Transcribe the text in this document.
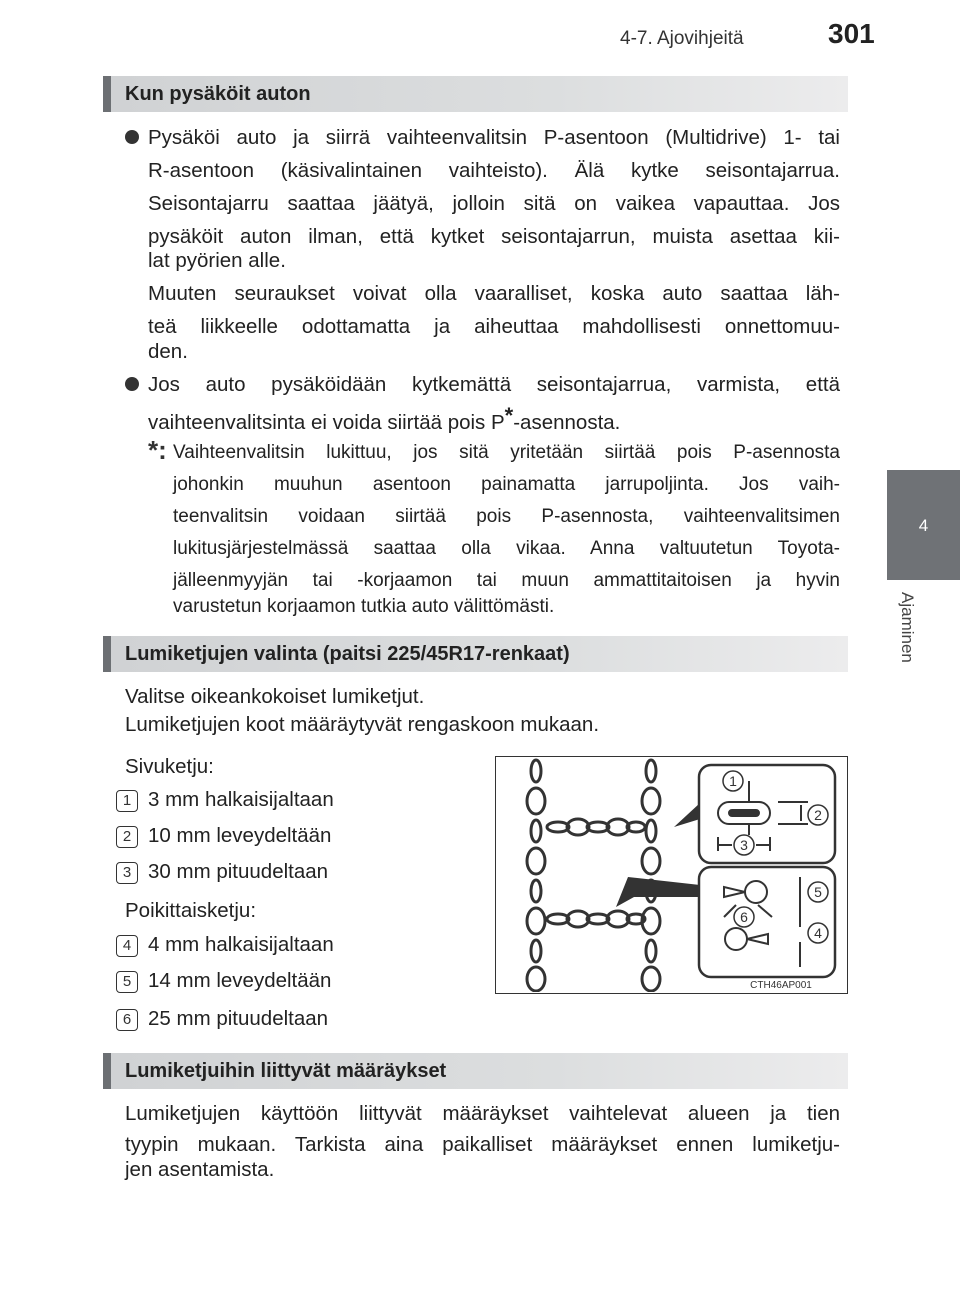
4-7. Ajovihjeitä	301
4
Ajaminen
Kun pysäköit auton
Pysäköi auto ja siirrä vaihteenvalitsin P-asentoon (Multidrive) 1- tai
R-asentoon (käsivalintainen vaihteisto). Älä kytke seisontajarrua.
Seisontajarru saattaa jäätyä, jolloin sitä on vaikea vapauttaa. Jos
pysäköit auton ilman, että kytket seisontajarrun, muista asettaa kii-
lat pyörien alle.
Muuten seuraukset voivat olla vaaralliset, koska auto saattaa läh-
teä liikkeelle odottamatta ja aiheuttaa mahdollisesti onnettomuu-
den.
Jos auto pysäköidään kytkemättä seisontajarrua, varmista, että
vaihteenvalitsinta ei voida siirtää pois P*-asennosta.
*: Vaihteenvalitsin lukittuu, jos sitä yritetään siirtää pois P-asennosta
johonkin muuhun asentoon painamatta jarrupoljinta. Jos vaih-
teenvalitsin voidaan siirtää pois P-asennosta, vaihteenvalitsimen
lukitusjärjestelmässä saattaa olla vikaa. Anna valtuutetun Toyota-
jälleenmyyjän tai -korjaamon tai muun ammattitaitoisen ja hyvin
varustetun korjaamon tutkia auto välittömästi.
Lumiketjujen valinta (paitsi 225/45R17-renkaat)
Valitse oikeankokoiset lumiketjut.
Lumiketjujen koot määräytyvät rengaskoon mukaan.
Sivuketju:
1 3 mm halkaisijaltaan
2 10 mm leveydeltään
3 30 mm pituudeltaan
Poikittaisketju:
4 4 mm halkaisijaltaan
5 14 mm leveydeltään
6 25 mm pituudeltaan
1
2
3
5
6
4
CTH46AP001
Lumiketjuihin liittyvät määräykset
Lumiketjujen käyttöön liittyvät määräykset vaihtelevat alueen ja tien
tyypin mukaan. Tarkista aina paikalliset määräykset ennen lumiketju-
jen asentamista.
